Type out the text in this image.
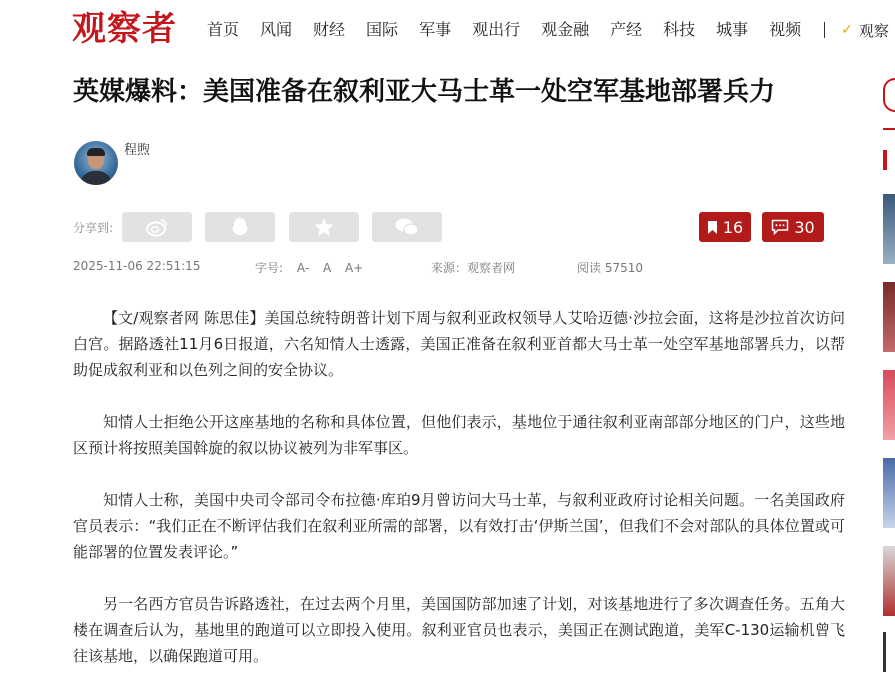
观察者 首页 风闻 财经 国际 军事 观出行 观金融 产经 科技 城事 视频	✓ 观察
英媒爆料：美国准备在叙利亚大马士革一处空军基地部署兵力
程煦
分享到:	16	30
2025-11-06 22:51:15	字号: A- A A+	来源：观察者网	阅读 57510

【文/观察者网 陈思佳】美国总统特朗普计划下周与叙利亚政权领导人艾哈迈德·沙拉会面，这将是沙拉首次访问白宫。据路透社11月6日报道，六名知情人士透露，美国正准备在叙利亚首都大马士革一处空军基地部署兵力，以帮助促成叙利亚和以色列之间的安全协议。

知情人士拒绝公开这座基地的名称和具体位置，但他们表示，基地位于通往叙利亚南部部分地区的门户，这些地区预计将按照美国斡旋的叙以协议被列为非军事区。

知情人士称，美国中央司令部司令布拉德·库珀9月曾访问大马士革，与叙利亚政府讨论相关问题。一名美国政府官员表示：“我们正在不断评估我们在叙利亚所需的部署，以有效打击‘伊斯兰国’，但我们不会对部队的具体位置或可能部署的位置发表评论。”

另一名西方官员告诉路透社，在过去两个月里，美国国防部加速了计划，对该基地进行了多次调查任务。五角大楼在调查后认为，基地里的跑道可以立即投入使用。叙利亚官员也表示，美国正在测试跑道，美军C-130运输机曾飞往该基地，以确保跑道可用。
